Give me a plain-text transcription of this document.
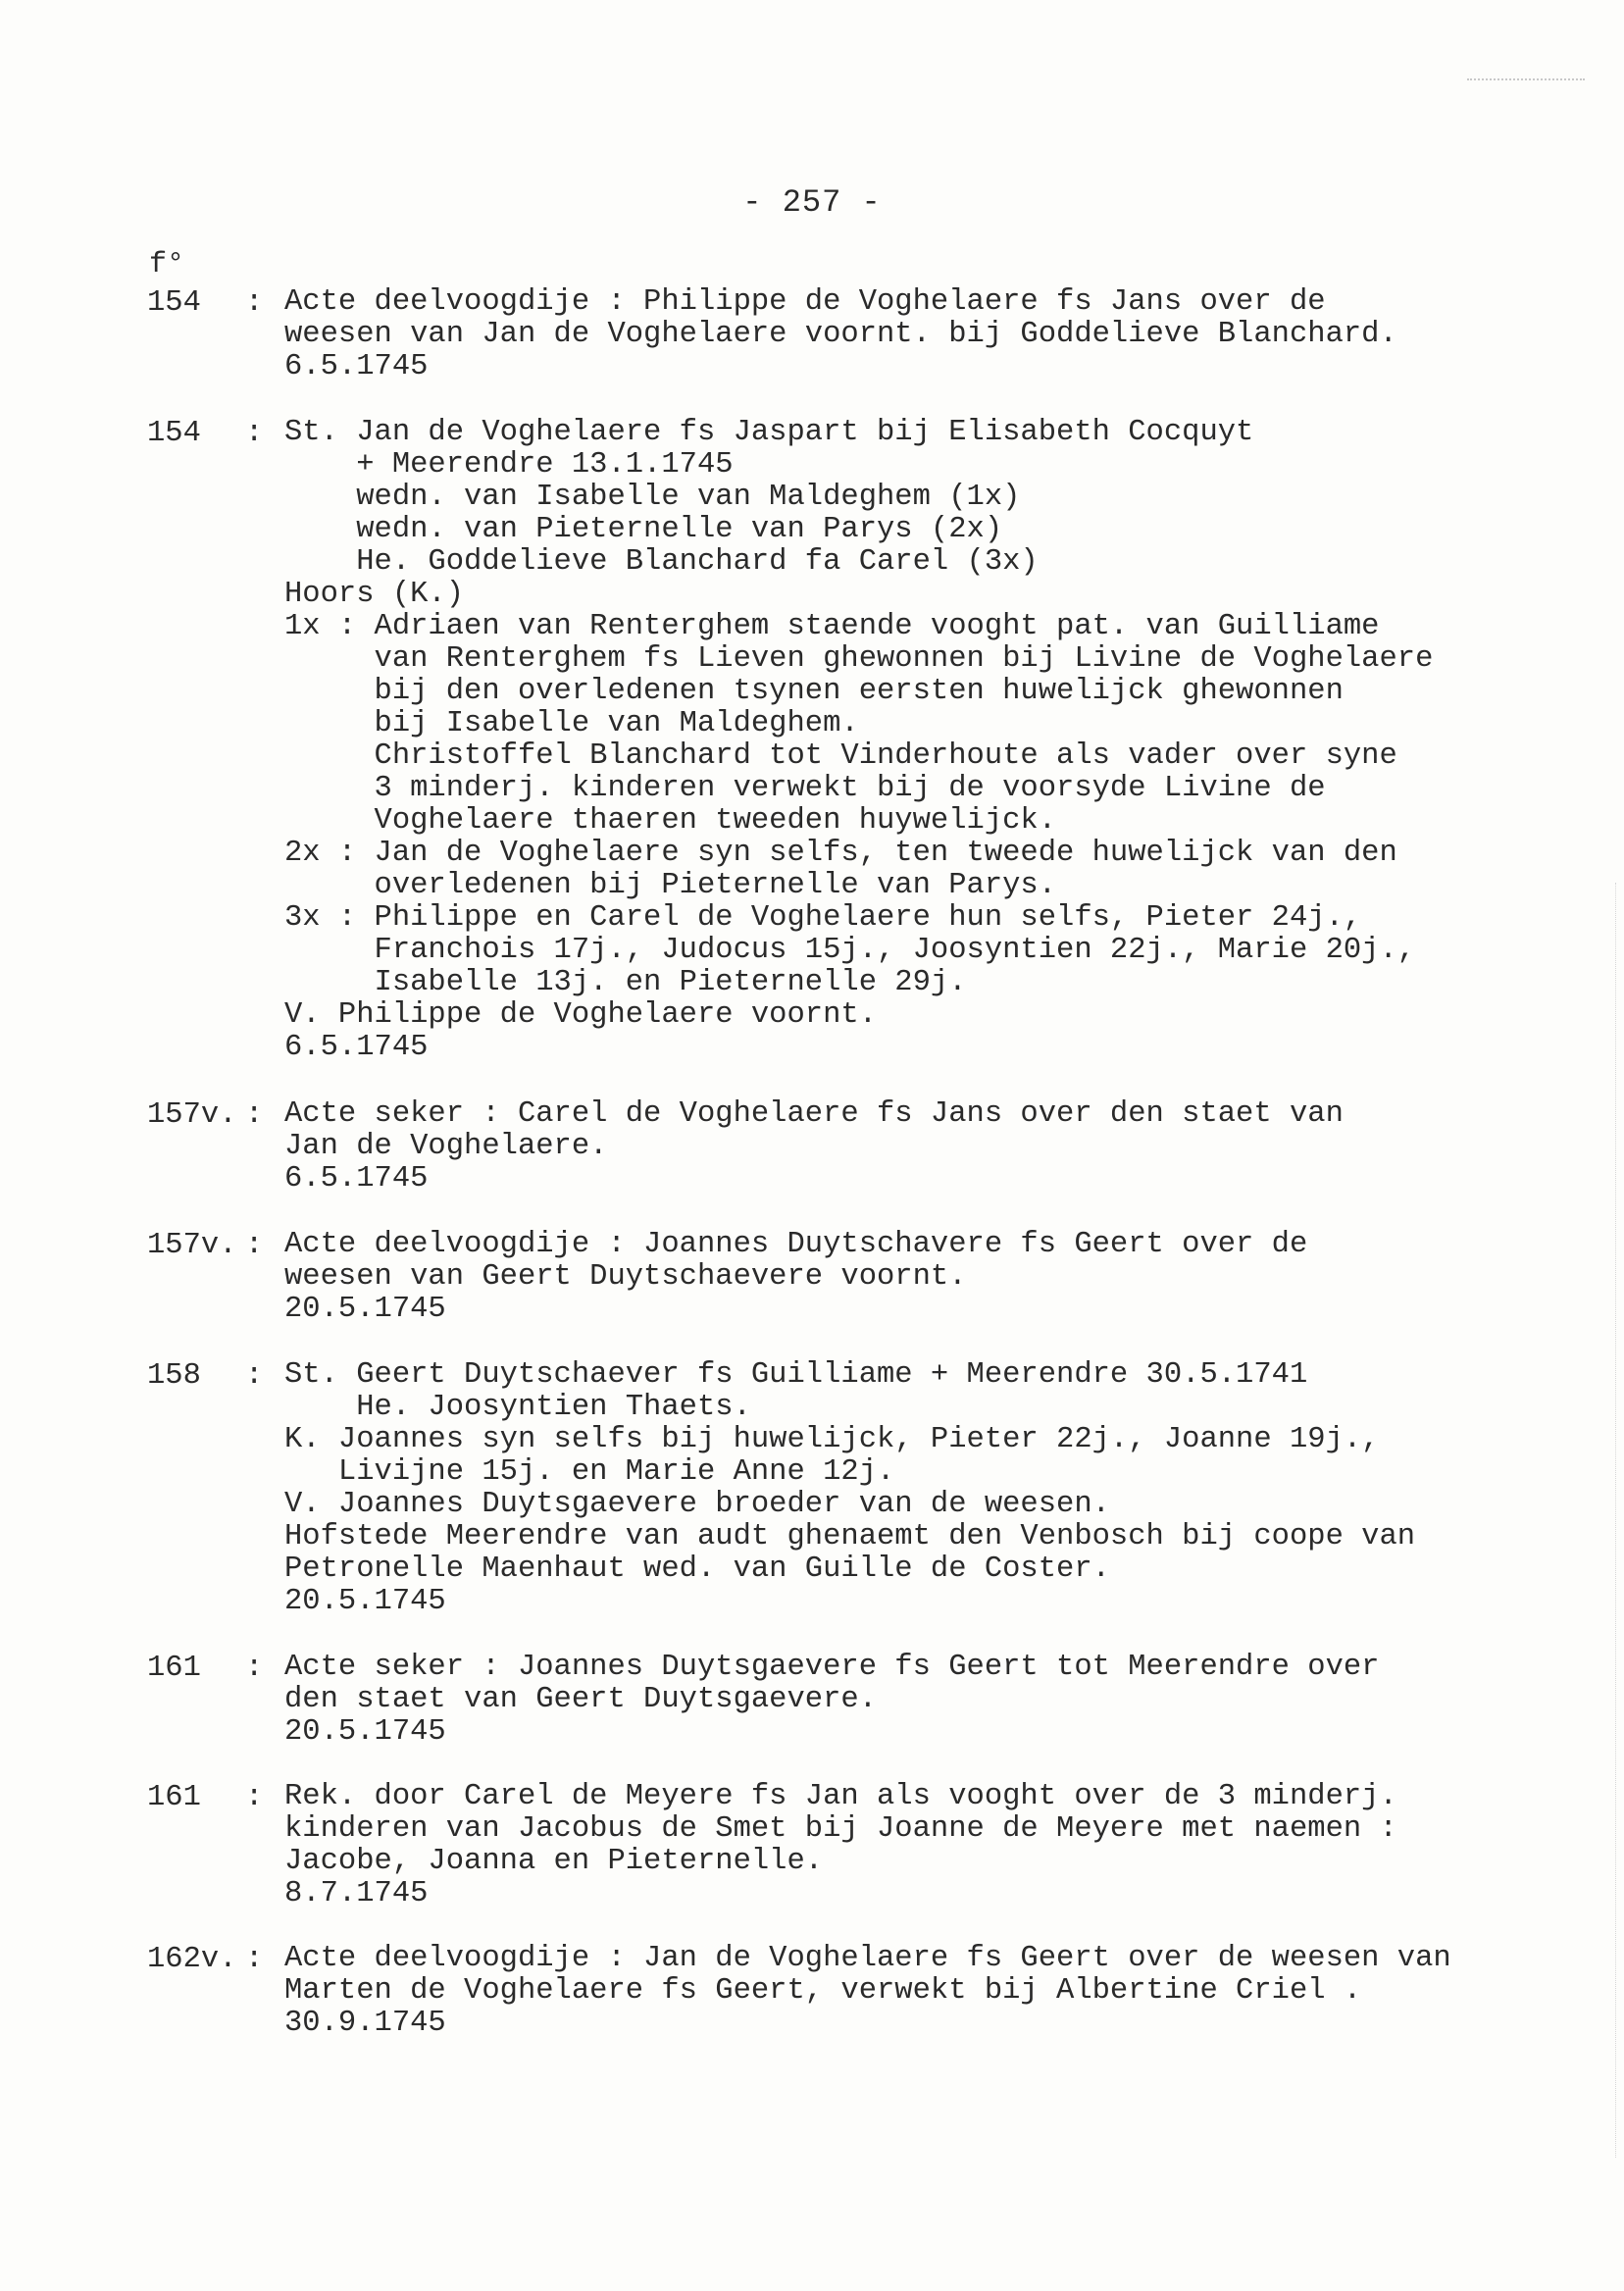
- 257 -
f°
154 : Acte deelvoogdije : Philippe de Voghelaere fs Jans over de
weesen van Jan de Voghelaere voornt. bij Goddelieve Blanchard.
6.5.1745
154 : St. Jan de Voghelaere fs Jaspart bij Elisabeth Cocquyt
+ Meerendre 13.1.1745
wedn. van Isabelle van Maldeghem (1x)
wedn. van Pieternelle van Parys (2x)
He. Goddelieve Blanchard fa Carel (3x)
Hoors (K.)
1x : Adriaen van Renterghem staende vooght pat. van Guilliame
van Renterghem fs Lieven ghewonnen bij Livine de Voghelaere
bij den overledenen tsynen eersten huwelijck ghewonnen
bij Isabelle van Maldeghem.
Christoffel Blanchard tot Vinderhoute als vader over syne
3 minderj. kinderen verwekt bij de voorsyde Livine de
Voghelaere thaeren tweeden huywelijck.
2x : Jan de Voghelaere syn selfs, ten tweede huwelijck van den
overledenen bij Pieternelle van Parys.
3x : Philippe en Carel de Voghelaere hun selfs, Pieter 24j.,
Franchois 17j., Judocus 15j., Joosyntien 22j., Marie 20j.,
Isabelle 13j. en Pieternelle 29j.
V. Philippe de Voghelaere voornt.
6.5.1745
157v. : Acte seker : Carel de Voghelaere fs Jans over den staet van
Jan de Voghelaere.
6.5.1745
157v. : Acte deelvoogdije : Joannes Duytschavere fs Geert over de
weesen van Geert Duytschaevere voornt.
20.5.1745
158 : St. Geert Duytschaever fs Guilliame + Meerendre 30.5.1741
He. Joosyntien Thaets.
K. Joannes syn selfs bij huwelijck, Pieter 22j., Joanne 19j.,
Livijne 15j. en Marie Anne 12j.
V. Joannes Duytsgaevere broeder van de weesen.
Hofstede Meerendre van audt ghenaemt den Venbosch bij coope van
Petronelle Maenhaut wed. van Guille de Coster.
20.5.1745
161 : Acte seker : Joannes Duytsgaevere fs Geert tot Meerendre over
den staet van Geert Duytsgaevere.
20.5.1745
161 : Rek. door Carel de Meyere fs Jan als vooght over de 3 minderj.
kinderen van Jacobus de Smet bij Joanne de Meyere met naemen :
Jacobe, Joanna en Pieternelle.
8.7.1745
162v. : Acte deelvoogdije : Jan de Voghelaere fs Geert over de weesen van
Marten de Voghelaere fs Geert, verwekt bij Albertine Criel .
30.9.1745
